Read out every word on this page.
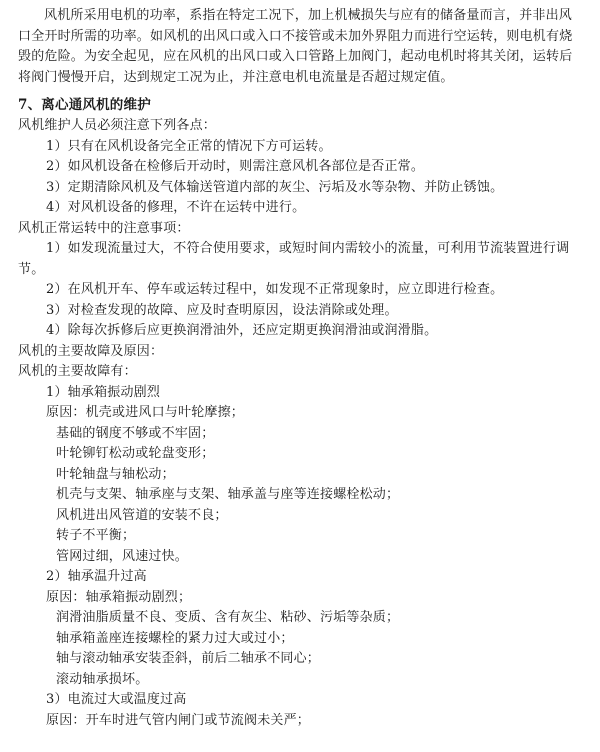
风机所采用电机的功率，系指在特定工况下，加上机械损失与应有的储备量而言，并非出风口全开时所需的功率。如风机的出风口或入口不接管或未加外界阻力而进行空运转，则电机有烧毁的危险。为安全起见，应在风机的出风口或入口管路上加阀门，起动电机时将其关闭，运转后将阀门慢慢开启，达到规定工况为止，并注意电机电流量是否超过规定值。

7、离心通风机的维护

风机维护人员必须注意下列各点：

1）只有在风机设备完全正常的情况下方可运转。

2）如风机设备在检修后开动时，则需注意风机各部位是否正常。

3）定期清除风机及气体输送管道内部的灰尘、污垢及水等杂物、并防止锈蚀。

4）对风机设备的修理，不许在运转中进行。

风机正常运转中的注意事项：

1）如发现流量过大，不符合使用要求，或短时间内需较小的流量，可利用节流装置进行调节。

2）在风机开车、停车或运转过程中，如发现不正常现象时，应立即进行检查。

3）对检查发现的故障、应及时查明原因，设法消除或处理。

4）除每次拆修后应更换润滑油外，还应定期更换润滑油或润滑脂。

风机的主要故障及原因：

风机的主要故障有：

1）轴承箱振动剧烈

原因：机壳或进风口与叶轮摩擦；

基础的钢度不够或不牢固；

叶轮铆钉松动或轮盘变形；

叶轮轴盘与轴松动；

机壳与支架、轴承座与支架、轴承盖与座等连接螺栓松动；

风机进出风管道的安装不良；

转子不平衡；

管网过细，风速过快。

2）轴承温升过高

原因：轴承箱振动剧烈；

润滑油脂质量不良、变质、含有灰尘、粘砂、污垢等杂质；

轴承箱盖座连接螺栓的紧力过大或过小；

轴与滚动轴承安装歪斜，前后二轴承不同心；

滚动轴承损坏。

3）电流过大或温度过高

原因：开车时进气管内闸门或节流阀未关严；
